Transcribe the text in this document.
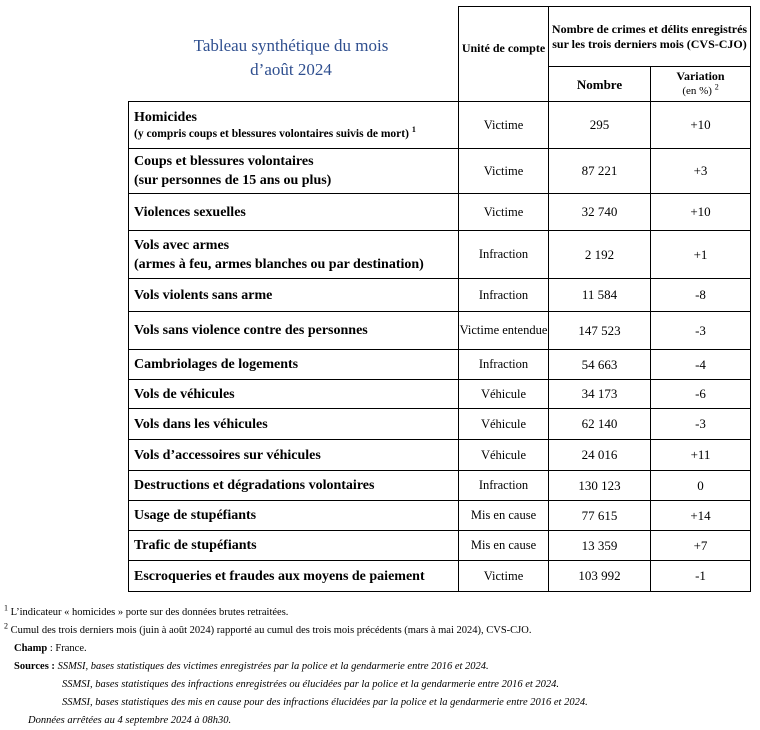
Tableau synthétique du mois
d’août 2024
	Unité de compte	Nombre de crimes et délits enregistrés sur les trois derniers mois (CVS-CJO)	
		Nombre	Variation
(en %) $^2$

Homicides
(y compris coups et blessures volontaires suivis de mort) $^1$	Victime	295	+10

Coups et blessures volontaires
(sur personnes de 15 ans ou plus)	Victime	87 221	+3
Violences sexuelles	Victime	32 740	+10

Vols avec armes
(armes à feu, armes blanches ou par destination)	Infraction	2 192	+1
Vols violents sans arme	Infraction	11 584	-8
Vols sans violence contre des personnes	Victime entendue	147 523	-3
Cambriolages de logements	Infraction	54 663	-4
Vols de véhicules	Véhicule	34 173	-6
Vols dans les véhicules	Véhicule	62 140	-3
Vols d’accessoires sur véhicules	Véhicule	24 016	+11
Destructions et dégradations volontaires	Infraction	130 123	0
Usage de stupéfiants	Mis en cause	77 615	+14
Trafic de stupéfiants	Mis en cause	13 359	+7
Escroqueries et fraudes aux moyens de paiement	Victime	103 992	-1
$^1$ L’indicateur « homicides » porte sur des données brutes retraitées.
$^2$ Cumul des trois derniers mois (juin à août 2024) rapporté au cumul des trois mois précédents (mars à mai 2024), CVS-CJO.
Champ : France.
Sources : SSMSI, bases statistiques des victimes enregistrées par la police et la gendarmerie entre 2016 et 2024.
SSMSI, bases statistiques des infractions enregistrées ou élucidées par la police et la gendarmerie entre 2016 et 2024.
SSMSI, bases statistiques des mis en cause pour des infractions élucidées par la police et la gendarmerie entre 2016 et 2024.
Données arrêtées au 4 septembre 2024 à 08h30.
